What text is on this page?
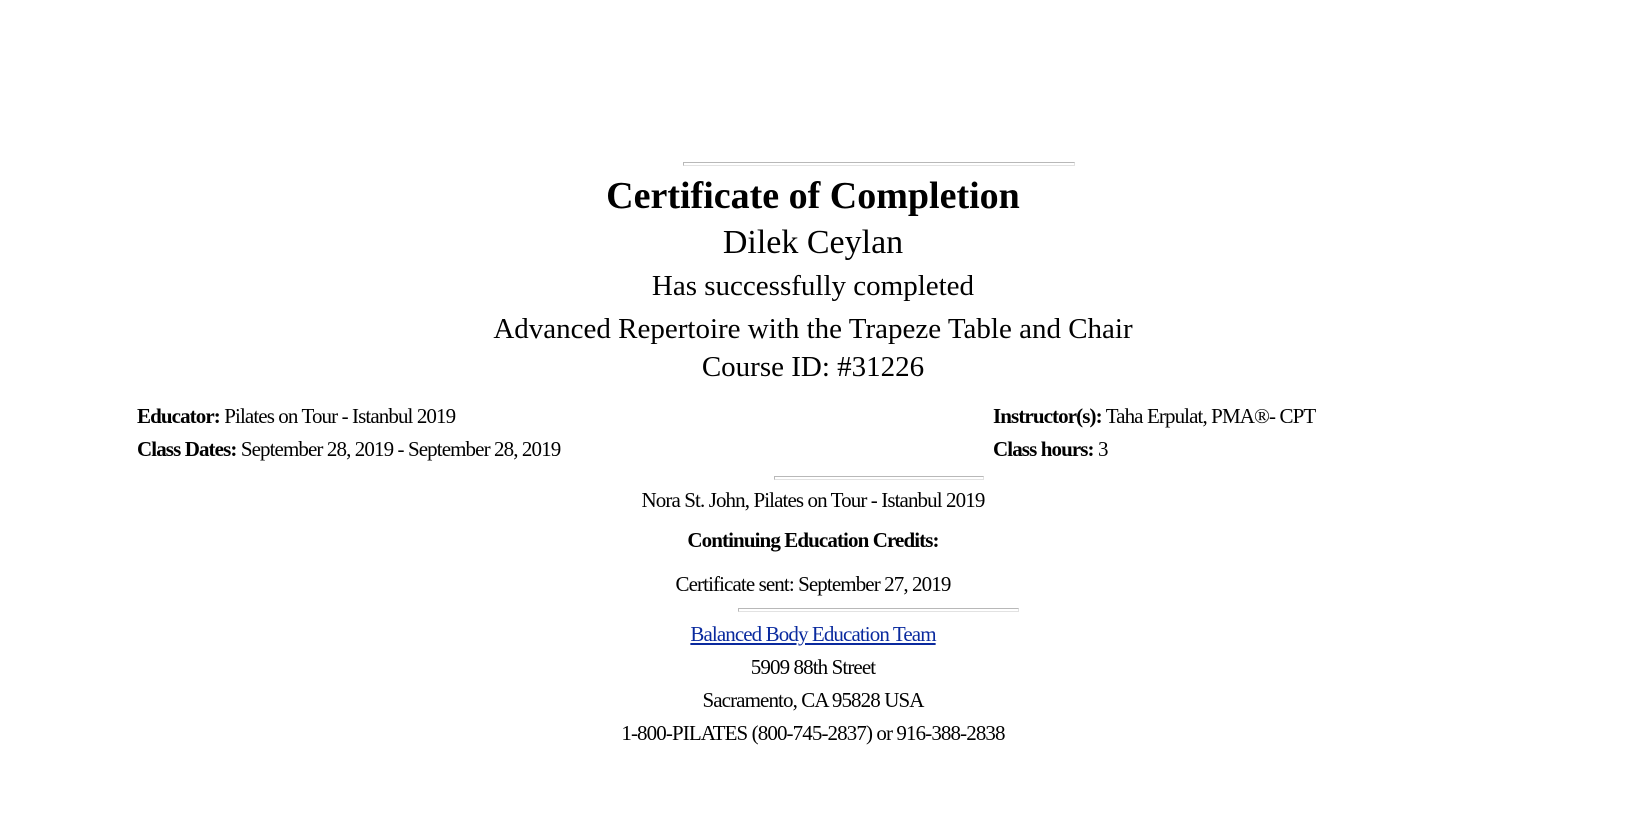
Certificate of Completion
Dilek Ceylan
Has successfully completed
Advanced Repertoire with the Trapeze Table and Chair
Course ID: #31226
Educator: Pilates on Tour - Istanbul 2019
Class Dates: September 28, 2019 - September 28, 2019
Instructor(s): Taha Erpulat, PMA®- CPT
Class hours: 3
Nora St. John, Pilates on Tour - Istanbul 2019
Continuing Education Credits:
Certificate sent: September 27, 2019
Balanced Body Education Team
5909 88th Street
Sacramento, CA 95828 USA
1-800-PILATES (800-745-2837) or 916-388-2838
